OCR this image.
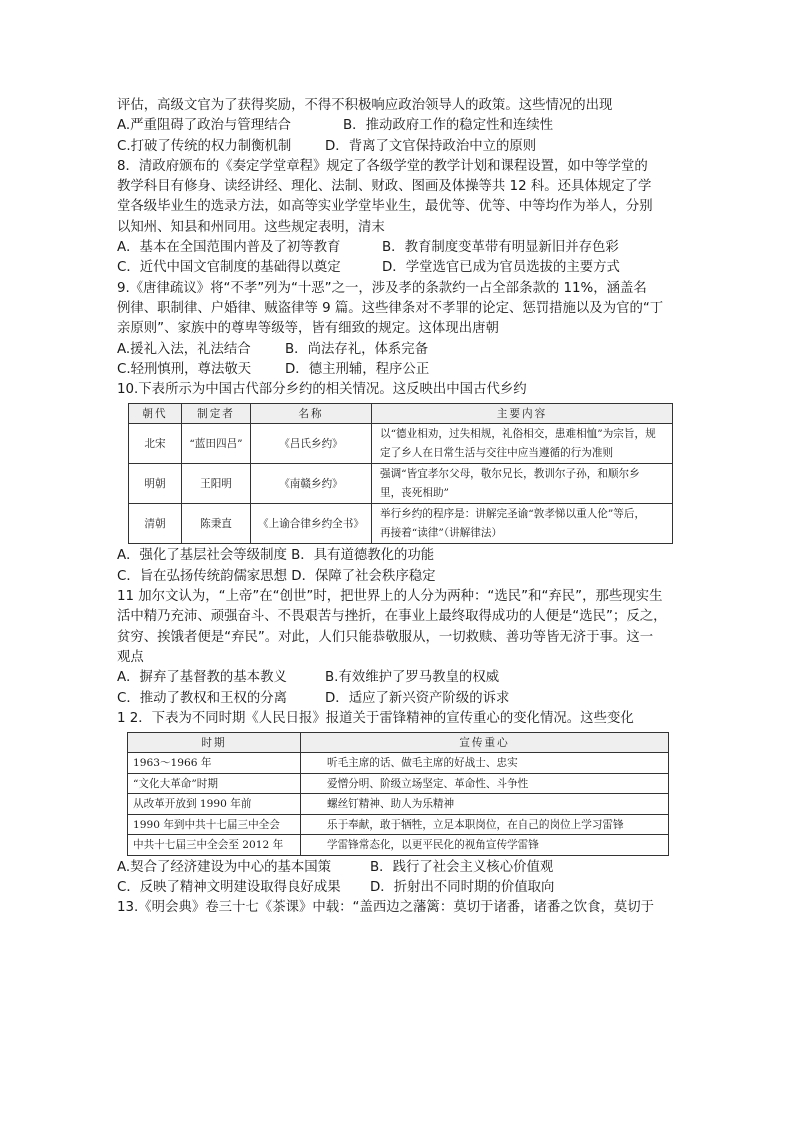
评估，高级文官为了获得奖励，不得不积极响应政治领导人的政策。这些情况的出现
A.严重阻碍了政治与管理结合	B．推动政府工作的稳定性和连续性
C.打破了传统的权力制衡机制	D．背离了文官保持政治中立的原则
8．清政府颁布的《奏定学堂章程》规定了各级学堂的教学计划和课程设置，如中等学堂的
教学科目有修身、读经讲经、理化、法制、财政、图画及体操等共 12 科。还具体规定了学
堂各级毕业生的选录方法，如高等实业学堂毕业生，最优等、优等、中等均作为举人，分别
以知州、知县和州同用。这些规定表明，清末
A．基本在全国范围内普及了初等教育	B．教育制度变革带有明显新旧并存色彩
C．近代中国文官制度的基础得以奠定	D．学堂选官已成为官员选拔的主要方式
9.《唐律疏议》将“不孝”列为“十恶”之一，涉及孝的条款约一占全部条款的 11%，涵盖名
例律、职制律、户婚律、贼盗律等 9 篇。这些律条对不孝罪的论定、惩罚措施以及为官的“丁
亲原则”、家族中的尊卑等级等，皆有细致的规定。这体现出唐朝
A.援礼入法，礼法结合	B．尚法存礼，体系完备
C.轻刑慎刑，尊法敬天	D．德主刑辅，程序公正
10.下表所示为中国古代部分乡约的相关情况。这反映出中国古代乡约
朝代	制定者	名称	主要内容
北宋	“蓝田四吕”	《吕氏乡约》	以“德业相劝，过失相规，礼俗相交，患难相恤”为宗旨，规
定了乡人在日常生活与交往中应当遵循的行为准则

明朝	王阳明	《南赣乡约》	强调“皆宜孝尔父母，敬尔兄长，教训尔子孙，和顺尔乡
里，丧死相助”

清朝	陈秉直	《上谕合律乡约全书》	举行乡约的程序是：讲解完圣谕“敦孝悌以重人伦”等后，
再接着“读律”（讲解律法）
A．强化了基层社会等级制度 B．具有道德教化的功能
C．旨在弘扬传统韵儒家思想 D．保障了社会秩序稳定
11 加尔文认为，“上帝”在“创世”时，把世界上的人分为两种：“选民”和“弃民”，那些现实生
活中精乃充沛、顽强奋斗、不畏艰苦与挫折，在事业上最终取得成功的人便是“选民”；反之，
贫穷、挨饿者便是“弃民”。对此，人们只能恭敬服从，一切救赎、善功等皆无济于事。这一
观点
A．摒弃了基督教的基本教义	B.有效维护了罗马教皇的权威
C．推动了教权和王权的分离	D．适应了新兴资产阶级的诉求
1 2．下表为不同时期《人民日报》报道关于雷锋精神的宣传重心的变化情况。这些变化
时期	宣传重心
1963～1966 年	听毛主席的话、做毛主席的好战士、忠实
“文化大革命”时期	爱憎分明、阶级立场坚定、革命性、斗争性
从改革开放到 1990 年前	螺丝钉精神、助人为乐精神
1990 年到中共十七届三中全会	乐于奉献，敢于牺牲，立足本职岗位，在自己的岗位上学习雷锋
中共十七届三中全会至 2012 年	学雷锋常态化，以更平民化的视角宣传学雷锋
A.契合了经济建设为中心的基本国策	B．践行了社会主义核心价值观
C．反映了精神文明建设取得良好成果 D．折射出不同时期的价值取向
13.《明会典》卷三十七《茶课》中载：“盖西边之藩篱：莫切于诸番，诸番之饮食，莫切于
